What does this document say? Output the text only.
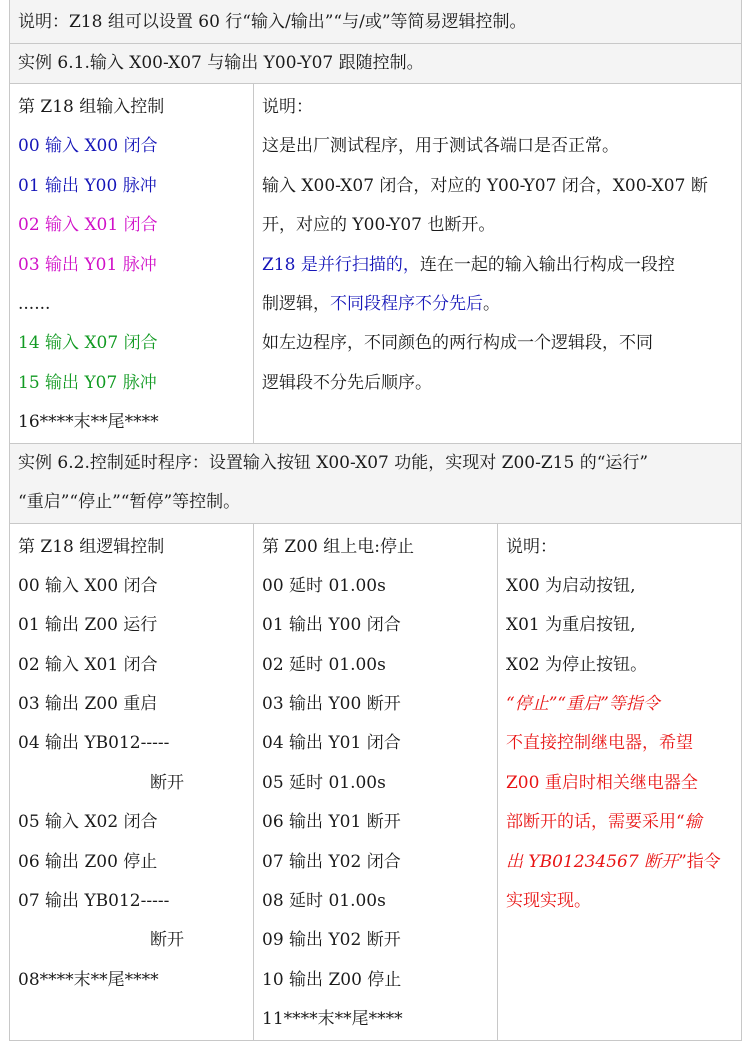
说明：Z18 组可以设置 60 行“输入/输出”“与/或”等简易逻辑控制。
实例 6.1.输入 X00-X07 与输出 Y00-Y07 跟随控制。
第 Z18 组输入控制
00 输入 X00 闭合
01 输出 Y00 脉冲
02 输入 X01 闭合
03 输出 Y01 脉冲
......
14 输入 X07 闭合
15 输出 Y07 脉冲
16****末**尾****
说明：
这是出厂测试程序，用于测试各端口是否正常。
输入 X00-X07 闭合，对应的 Y00-Y07 闭合，X00-X07 断
开，对应的 Y00-Y07 也断开。
Z18 是并行扫描的，连在一起的输入输出行构成一段控
制逻辑，不同段程序不分先后。
如左边程序，不同颜色的两行构成一个逻辑段，不同
逻辑段不分先后顺序。
实例 6.2.控制延时程序：设置输入按钮 X00-X07 功能，实现对 Z00-Z15 的“运行”
“重启”“停止”“暂停”等控制。
第 Z18 组逻辑控制
00 输入 X00 闭合
01 输出 Z00 运行
02 输入 X01 闭合
03 输出 Z00 重启
04 输出 YB012-----
断开
05 输入 X02 闭合
06 输出 Z00 停止
07 输出 YB012-----
断开
08****末**尾****
第 Z00 组上电:停止
00 延时 01.00s
01 输出 Y00 闭合
02 延时 01.00s
03 输出 Y00 断开
04 输出 Y01 闭合
05 延时 01.00s
06 输出 Y01 断开
07 输出 Y02 闭合
08 延时 01.00s
09 输出 Y02 断开
10 输出 Z00 停止
11****末**尾****
说明：
X00 为启动按钮,
X01 为重启按钮,
X02 为停止按钮。
“停止”“重启”等指令
不直接控制继电器，希望
Z00 重启时相关继电器全
部断开的话，需要采用“输
出 YB01234567 断开”指令
实现实现。
